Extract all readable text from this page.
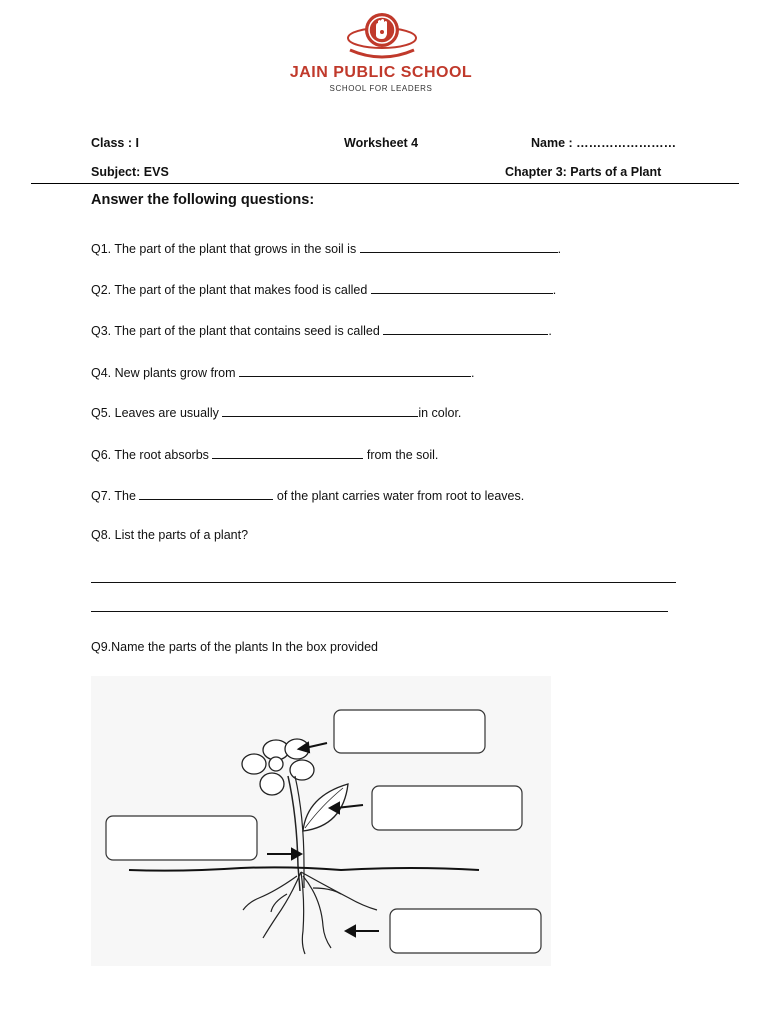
JAIN PUBLIC SCHOOL
SCHOOL FOR LEADERS
Class : I	Worksheet 4	Name : ……………………
Subject: EVS	Chapter 3: Parts of a Plant
Answer the following questions:
Q1. The part of the plant that grows in the soil is	.
Q2. The part of the plant that makes food is called	.
Q3. The part of the plant that contains seed is called	.
Q4. New plants grow from	.
Q5. Leaves are usually	in color.
Q6. The root absorbs	from the soil.
Q7. The	of the plant carries water from root to leaves.
Q8. List the parts of a plant?
Q9.Name the parts of the plants In the box provided
